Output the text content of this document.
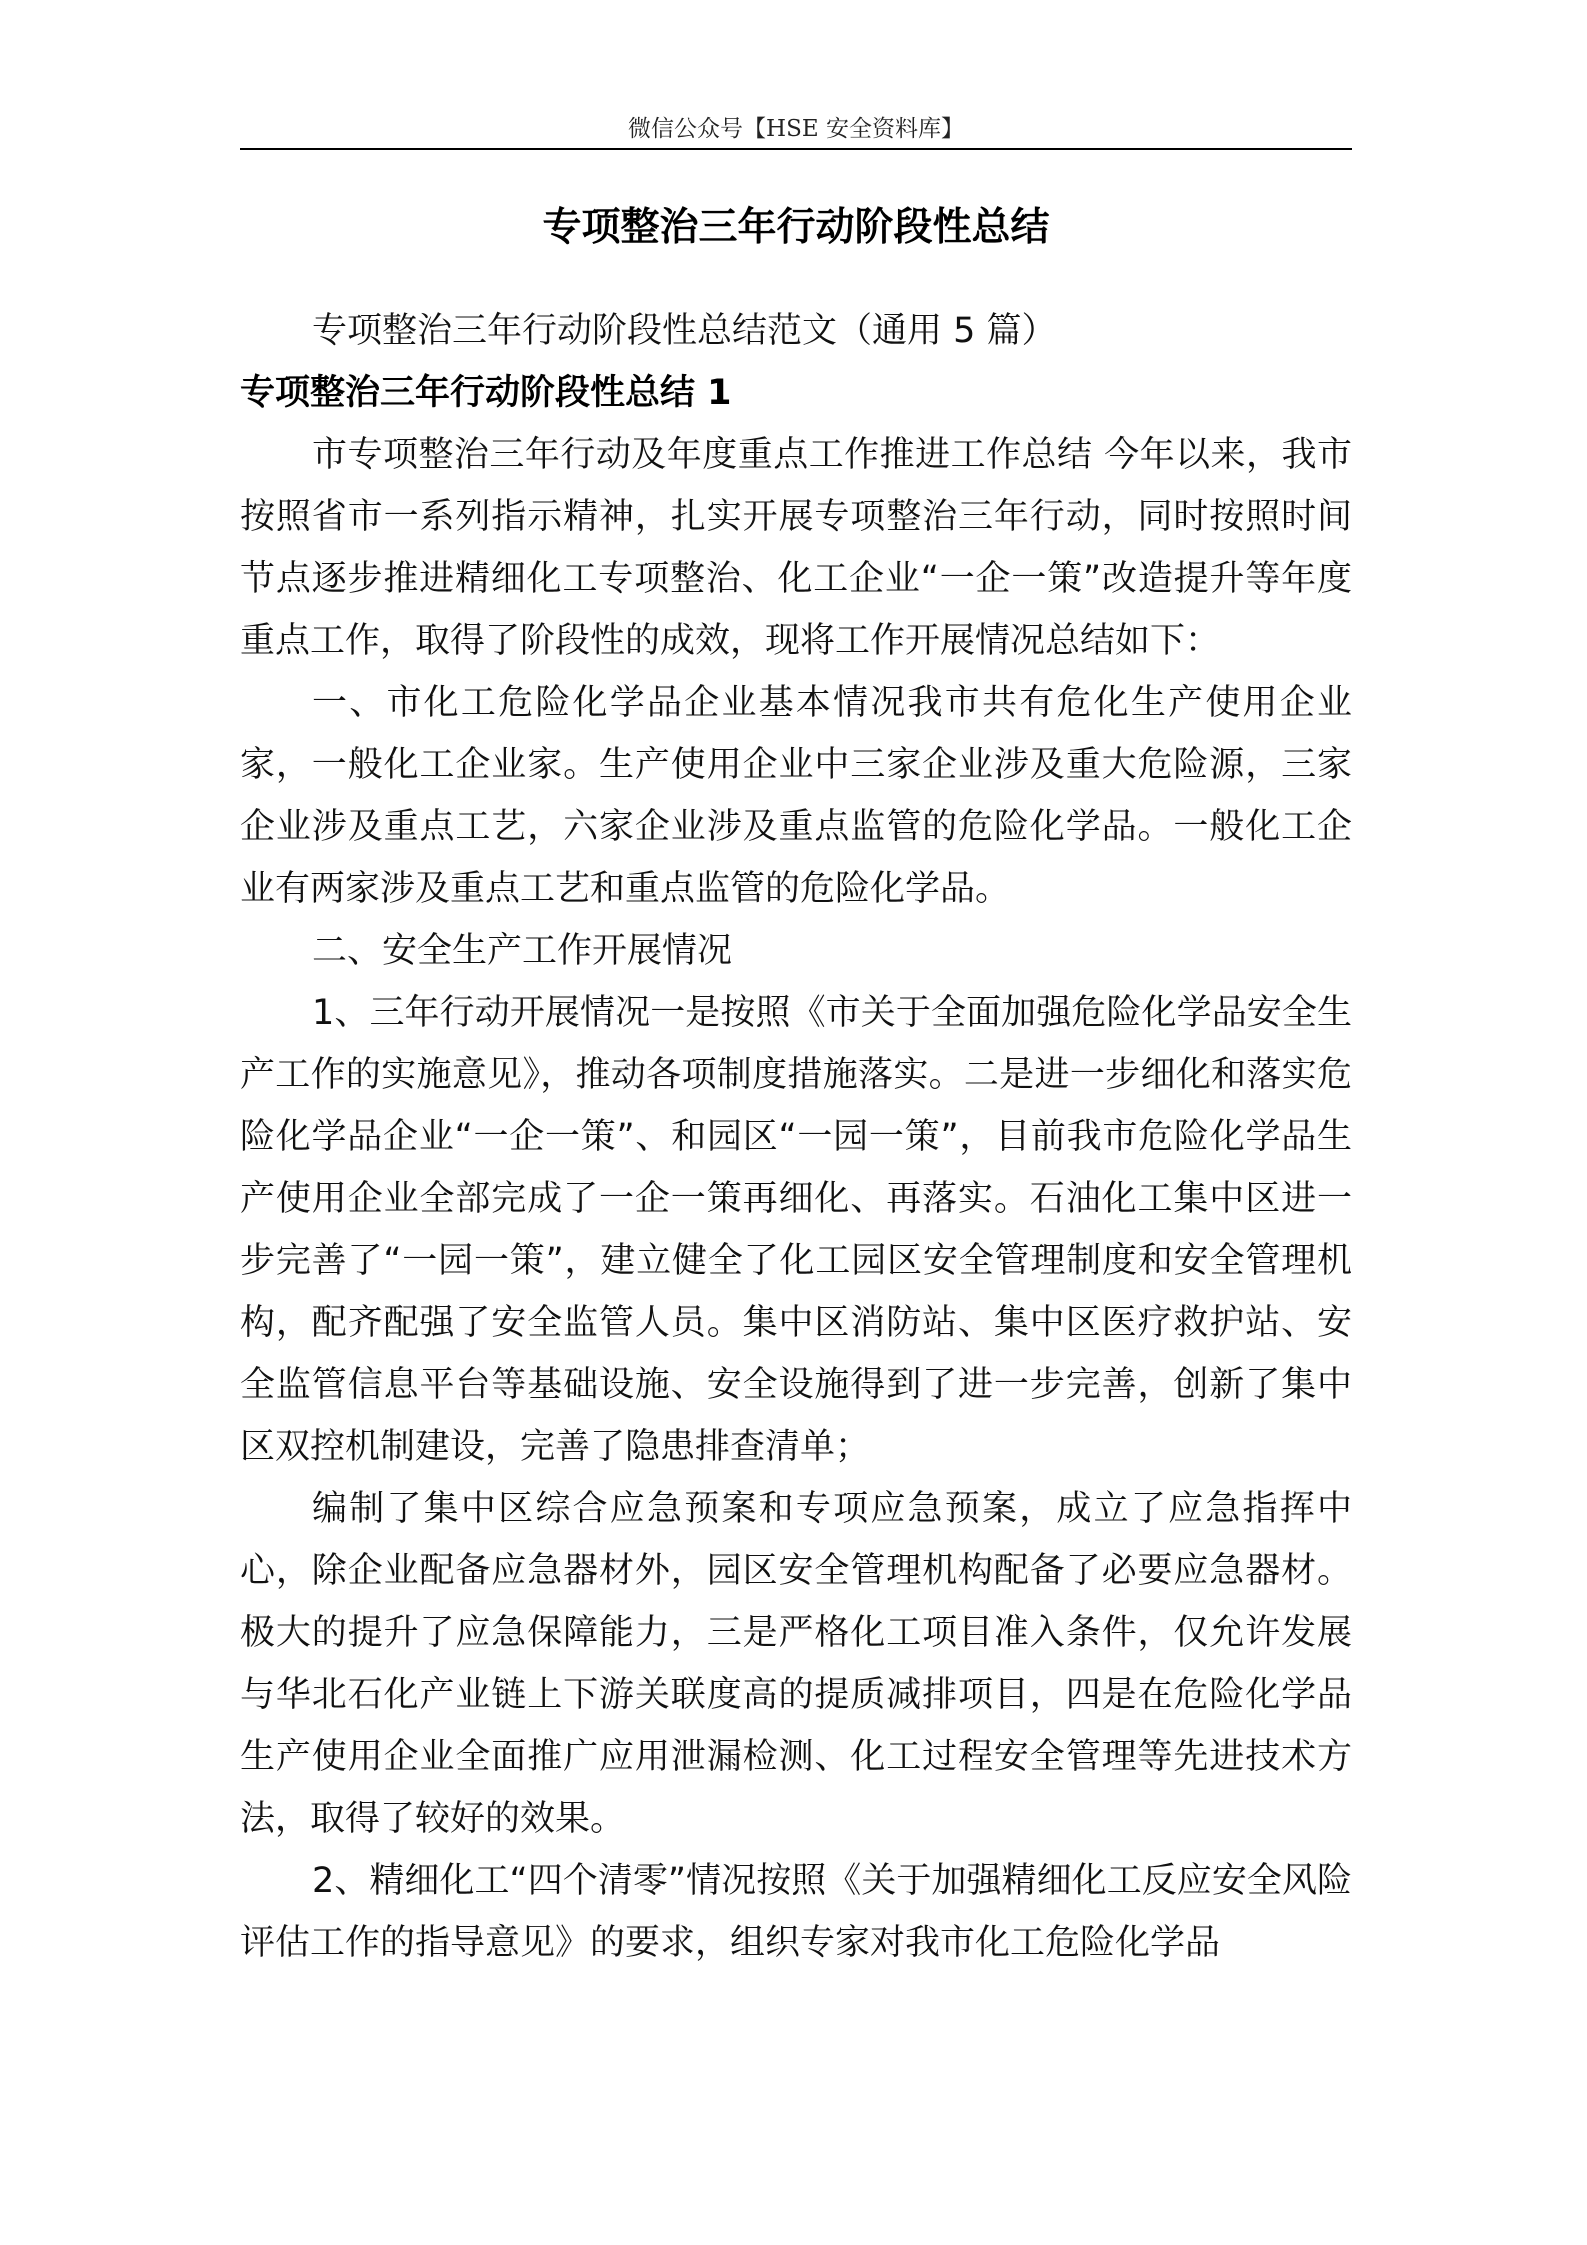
微信公众号【HSE 安全资料库】
专项整治三年行动阶段性总结

专项整治三年行动阶段性总结范文（通用 5 篇）

专项整治三年行动阶段性总结 1

市专项整治三年行动及年度重点工作推进工作总结 今年以来，我市按照省市一系列指示精神，扎实开展专项整治三年行动，同时按照时间节点逐步推进精细化工专项整治、化工企业“一企一策”改造提升等年度重点工作，取得了阶段性的成效，现将工作开展情况总结如下：

一、市化工危险化学品企业基本情况我市共有危化生产使用企业家，一般化工企业家。生产使用企业中三家企业涉及重大危险源，三家企业涉及重点工艺，六家企业涉及重点监管的危险化学品。一般化工企业有两家涉及重点工艺和重点监管的危险化学品。

二、安全生产工作开展情况

1、三年行动开展情况一是按照《市关于全面加强危险化学品安全生产工作的实施意见》，推动各项制度措施落实。二是进一步细化和落实危险化学品企业“一企一策”、和园区“一园一策”，目前我市危险化学品生产使用企业全部完成了一企一策再细化、再落实。石油化工集中区进一步完善了“一园一策”，建立健全了化工园区安全管理制度和安全管理机构，配齐配强了安全监管人员。集中区消防站、集中区医疗救护站、安全监管信息平台等基础设施、安全设施得到了进一步完善，创新了集中区双控机制建设，完善了隐患排查清单；

编制了集中区综合应急预案和专项应急预案，成立了应急指挥中心，除企业配备应急器材外，园区安全管理机构配备了必要应急器材。极大的提升了应急保障能力，三是严格化工项目准入条件，仅允许发展与华北石化产业链上下游关联度高的提质减排项目，四是在危险化学品生产使用企业全面推广应用泄漏检测、化工过程安全管理等先进技术方法，取得了较好的效果。

2、精细化工“四个清零”情况按照《关于加强精细化工反应安全风险评估工作的指导意见》的要求，组织专家对我市化工危险化学品
